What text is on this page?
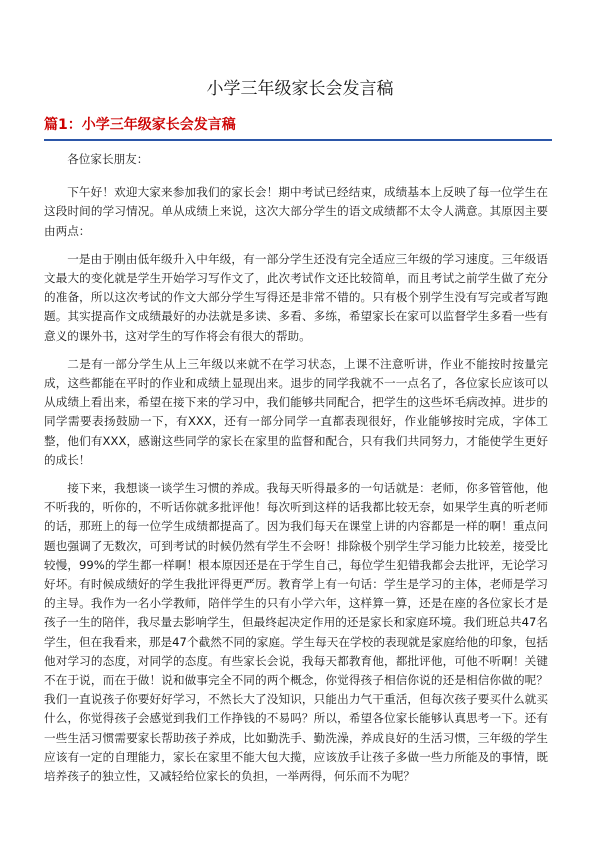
小学三年级家长会发言稿
篇1：小学三年级家长会发言稿

各位家长朋友：

下午好！欢迎大家来参加我们的家长会！期中考试已经结束，成绩基本上反映了每一位学生在这段时间的学习情况。单从成绩上来说，这次大部分学生的语文成绩都不太令人满意。其原因主要由两点：

一是由于刚由低年级升入中年级，有一部分学生还没有完全适应三年级的学习速度。三年级语文最大的变化就是学生开始学习写作文了，此次考试作文还比较简单，而且考试之前学生做了充分的准备，所以这次考试的作文大部分学生写得还是非常不错的。只有极个别学生没有写完或者写跑题。其实提高作文成绩最好的办法就是多读、多看、多练，希望家长在家可以监督学生多看一些有意义的课外书，这对学生的写作将会有很大的帮助。

二是有一部分学生从上三年级以来就不在学习状态，上课不注意听讲，作业不能按时按量完成，这些都能在平时的作业和成绩上显现出来。退步的同学我就不一一点名了，各位家长应该可以从成绩上看出来，希望在接下来的学习中，我们能够共同配合，把学生的这些坏毛病改掉。进步的同学需要表扬鼓励一下，有XXX，还有一部分同学一直都表现很好，作业能够按时完成，字体工整，他们有XXX，感谢这些同学的家长在家里的监督和配合，只有我们共同努力，才能使学生更好的成长！

接下来，我想谈一谈学生习惯的养成。我每天听得最多的一句话就是：老师，你多管管他，他不听我的，听你的，不听话你就多批评他！每次听到这样的话我都比较无奈，如果学生真的听老师的话，那班上的每一位学生成绩都提高了。因为我们每天在课堂上讲的内容都是一样的啊！重点问题也强调了无数次，可到考试的时候仍然有学生不会呀！排除极个别学生学习能力比较差，接受比较慢，99%的学生都一样啊！根本原因还是在于学生自己，每位学生犯错我都会去批评，无论学习好坏。有时候成绩好的学生我批评得更严厉。教育学上有一句话：学生是学习的主体，老师是学习的主导。我作为一名小学教师，陪伴学生的只有小学六年，这样算一算，还是在座的各位家长才是孩子一生的陪伴，我尽量去影响学生，但最终起决定作用的还是家长和家庭环境。我们班总共47名学生，但在我看来，那是47个截然不同的家庭。学生每天在学校的表现就是家庭给他的印象，包括他对学习的态度，对同学的态度。有些家长会说，我每天都教育他，都批评他，可他不听啊！关键不在于说，而在于做！说和做事完全不同的两个概念，你觉得孩子相信你说的还是相信你做的呢？我们一直说孩子你要好好学习，不然长大了没知识，只能出力气干重活，但每次孩子要买什么就买什么，你觉得孩子会感觉到我们工作挣钱的不易吗？所以，希望各位家长能够认真思考一下。还有一些生活习惯需要家长帮助孩子养成，比如勤洗手、勤洗澡，养成良好的生活习惯，三年级的学生应该有一定的自理能力，家长在家里不能大包大揽，应该放手让孩子多做一些力所能及的事情，既培养孩子的独立性，又减轻给位家长的负担，一举两得，何乐而不为呢？
